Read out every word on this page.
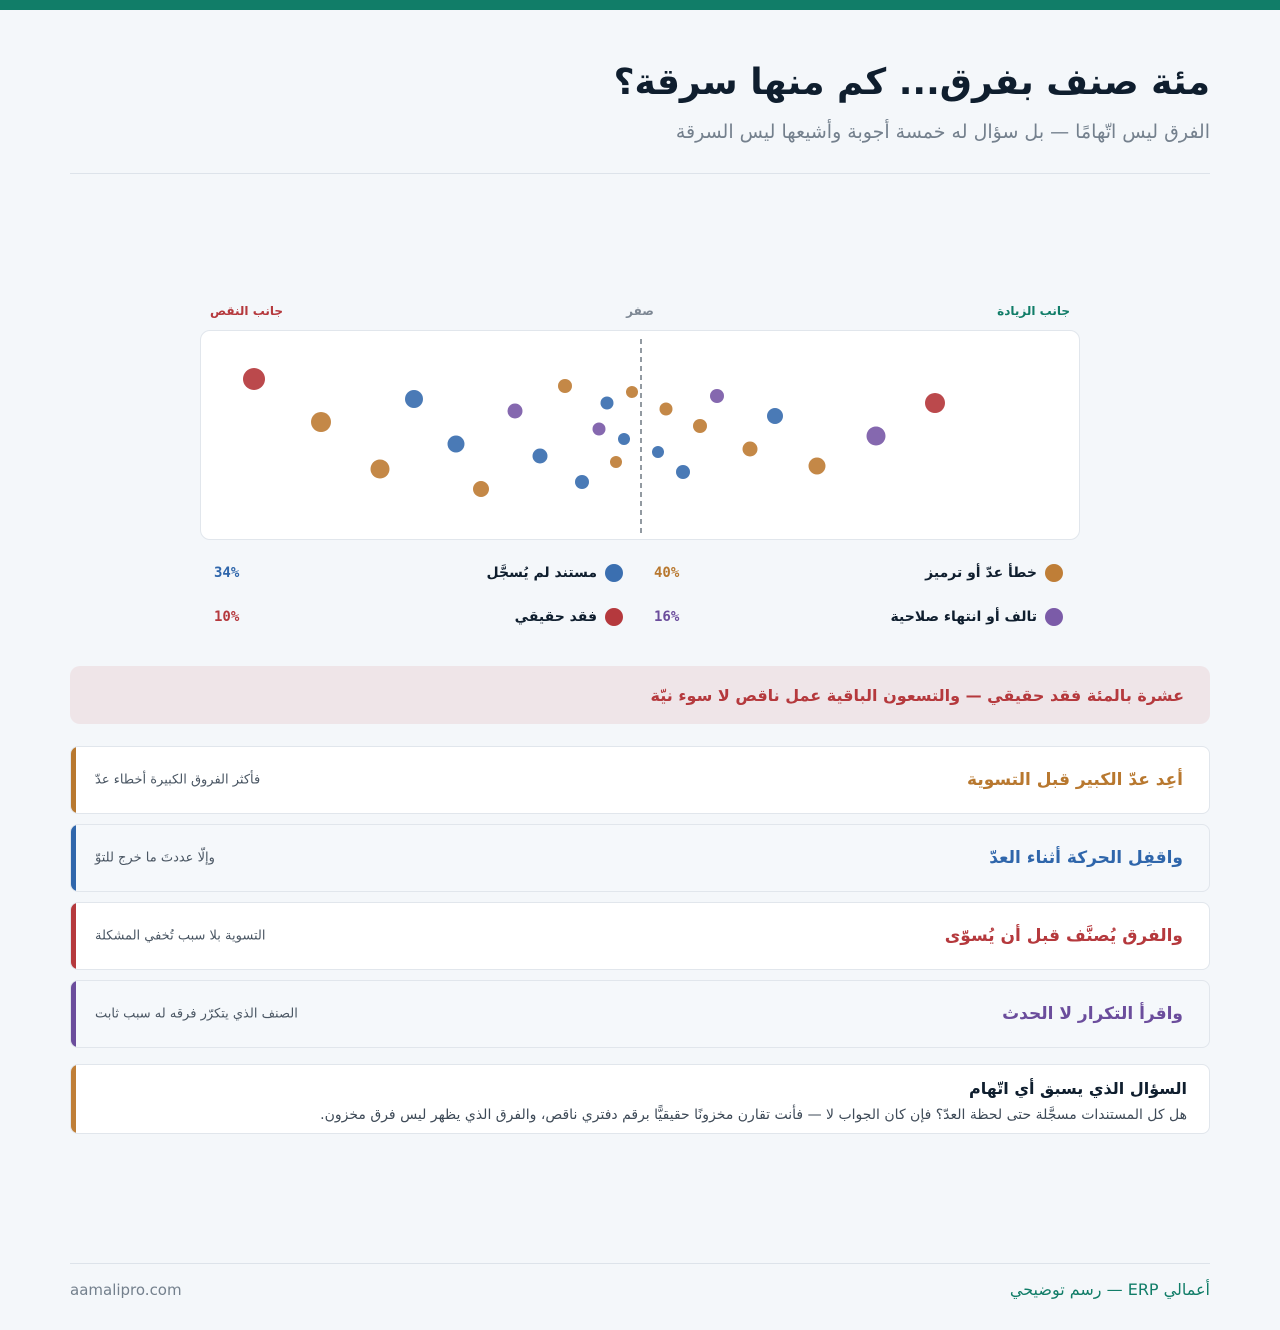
مئة صنف بفرق... كم منها سرقة؟
الفرق ليس اتّهامًا — بل سؤال له خمسة أجوبة وأشيعها ليس السرقة
جانب الزيادة
صفر
جانب النقص
خطأ عدّ أو ترميز
40%
مستند لم يُسجَّل
34%
تالف أو انتهاء صلاحية
16%
فقد حقيقي
10%
عشرة بالمئة فقد حقيقي — والتسعون الباقية عمل ناقص لا سوء نيّة
أعِد عدّ الكبير قبل التسوية
فأكثر الفروق الكبيرة أخطاء عدّ
واقفِل الحركة أثناء العدّ
وإلّا عددتَ ما خرج للتوّ
والفرق يُصنَّف قبل أن يُسوّى
التسوية بلا سبب تُخفي المشكلة
واقرأ التكرار لا الحدث
الصنف الذي يتكرّر فرقه له سبب ثابت
السؤال الذي يسبق أي اتّهام
هل كل المستندات مسجَّلة حتى لحظة العدّ؟ فإن كان الجواب لا — فأنت تقارن مخزونًا حقيقيًّا برقم دفتري ناقص، والفرق الذي يظهر ليس فرق مخزون.
أعمالي ERP — رسم توضيحي
aamalipro.com
